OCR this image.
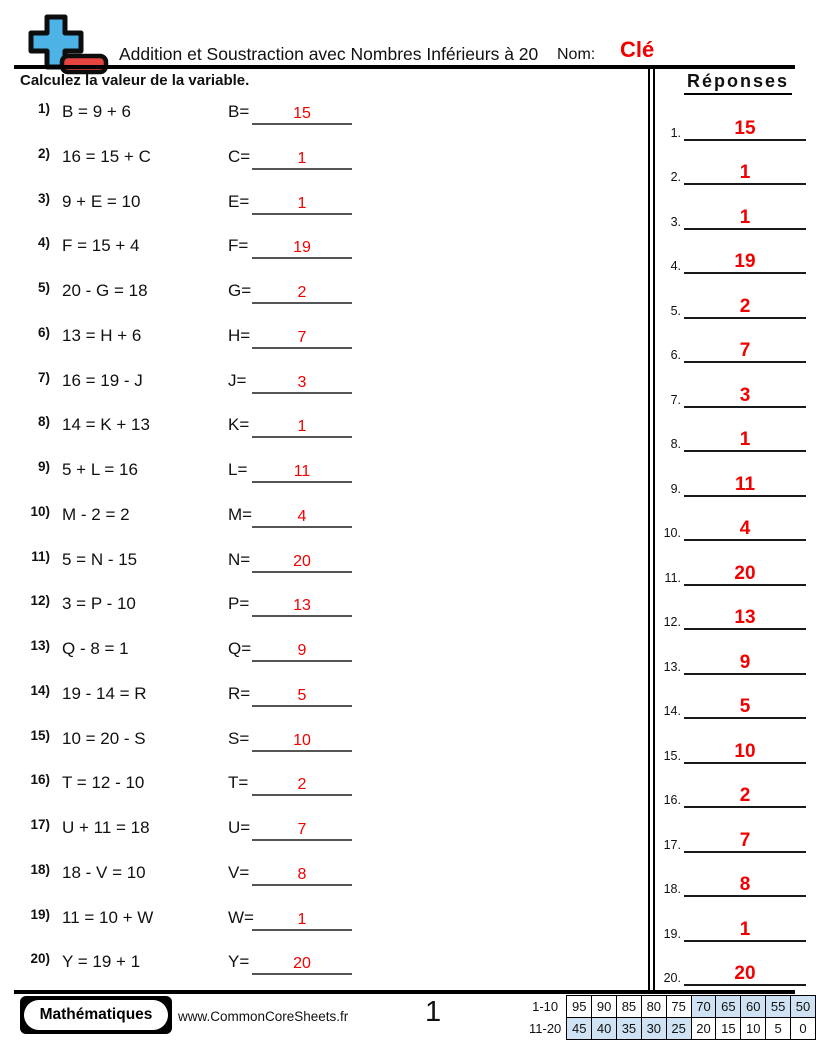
Addition et Soustraction avec Nombres Inférieurs à 20 Nom: Clé
Calculez la valeur de la variable.
1) B = 9 + 6	B=	15
2) 16 = 15 + C	C=	1
3) 9 + E = 10	E=	1
4) F = 15 + 4	F=	19
5) 20 - G = 18	G=	2
6) 13 = H + 6	H=	7
7) 16 = 19 - J	J=	3
8) 14 = K + 13	K=	1
9) 5 + L = 16	L=	11
10) M - 2 = 2	M=	4
11) 5 = N - 15	N=	20
12) 3 = P - 10	P=	13
13) Q - 8 = 1	Q=	9
14) 19 - 14 = R	R=	5
15) 10 = 20 - S	S=	10
16) T = 12 - 10	T=	2
17) U + 11 = 18	U=	7
18) 18 - V = 10	V=	8
19) 11 = 10 + W	W=	1
20) Y = 19 + 1	Y=	20
Réponses
1.	15
2.	1
3.	1
4.	19
5.	2
6.	7
7.	3
8.	1
9.	11
10.	4
11.	20
12.	13
13.	9
14.	5
15.	10
16.	2
17.	7
18.	8
19.	1
20.	20
Mathématiques	www.CommonCoreSheets.fr	1	1-10	95	90	85	80	75	70	65	60	55	50
11-20	45	40	35	30	25	20	15	10	5	0
